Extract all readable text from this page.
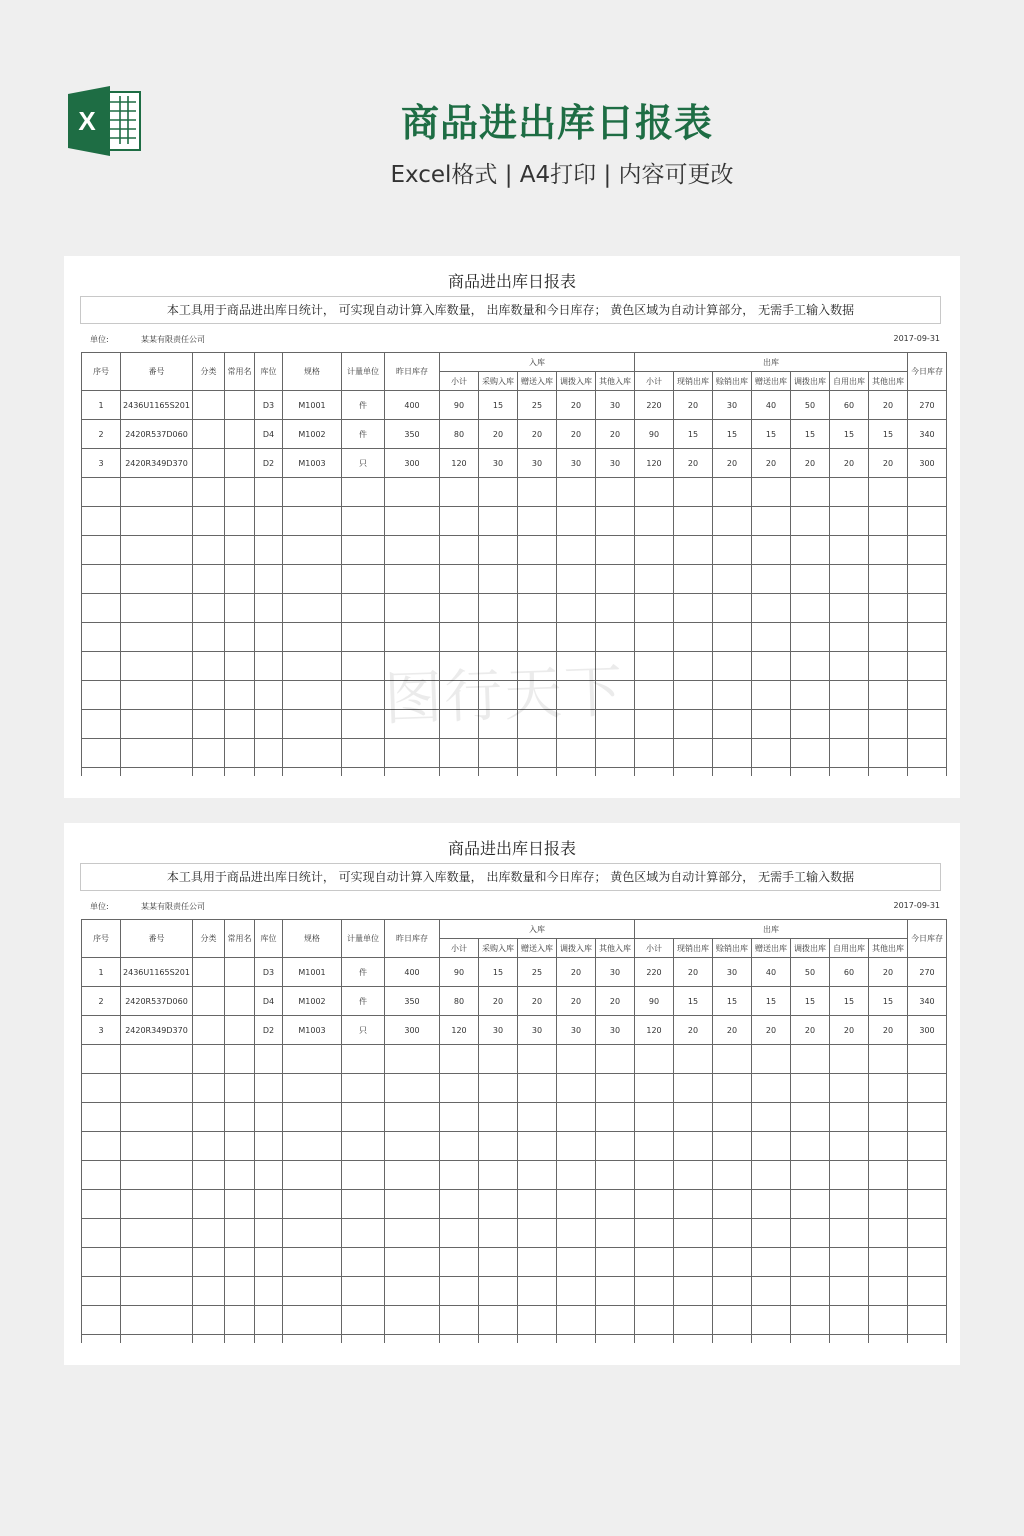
X	商品进出库日报表
Excel格式 | A4打印 | 内容可更改
商品进出库日报表
本工具用于商品进出库日统计， 可实现自动计算入库数量， 出库数量和今日库存； 黄色区域为自动计算部分， 无需手工输入数据
单位:	某某有限责任公司	2017-09-31
序号	番号	分类	常用名	库位	规格	计量单位	昨日库存	入库					出库							今日库存
								小计	采购入库	赠送入库	调拨入库	其他入库	小计	现销出库	赊销出库	赠送出库	调拨出库	自用出库	其他出库	
1	2436U1165S201			D3	M1001	件	400	90	15	25	20	30	220	20	30	40	50	60	20	270
2	2420R537D060			D4	M1002	件	350	80	20	20	20	20	90	15	15	15	15	15	15	340
3	2420R349D370			D2	M1003	只	300	120	30	30	30	30	120	20	20	20	20	20	20	300

商品进出库日报表
本工具用于商品进出库日统计， 可实现自动计算入库数量， 出库数量和今日库存； 黄色区域为自动计算部分， 无需手工输入数据
单位:	某某有限责任公司	2017-09-31
序号	番号	分类	常用名	库位	规格	计量单位	昨日库存	入库					出库							今日库存
								小计	采购入库	赠送入库	调拨入库	其他入库	小计	现销出库	赊销出库	赠送出库	调拨出库	自用出库	其他出库	
1	2436U1165S201			D3	M1001	件	400	90	15	25	20	30	220	20	30	40	50	60	20	270
2	2420R537D060			D4	M1002	件	350	80	20	20	20	20	90	15	15	15	15	15	15	340
3	2420R349D370			D2	M1003	只	300	120	30	30	30	30	120	20	20	20	20	20	20	300

图行天下
